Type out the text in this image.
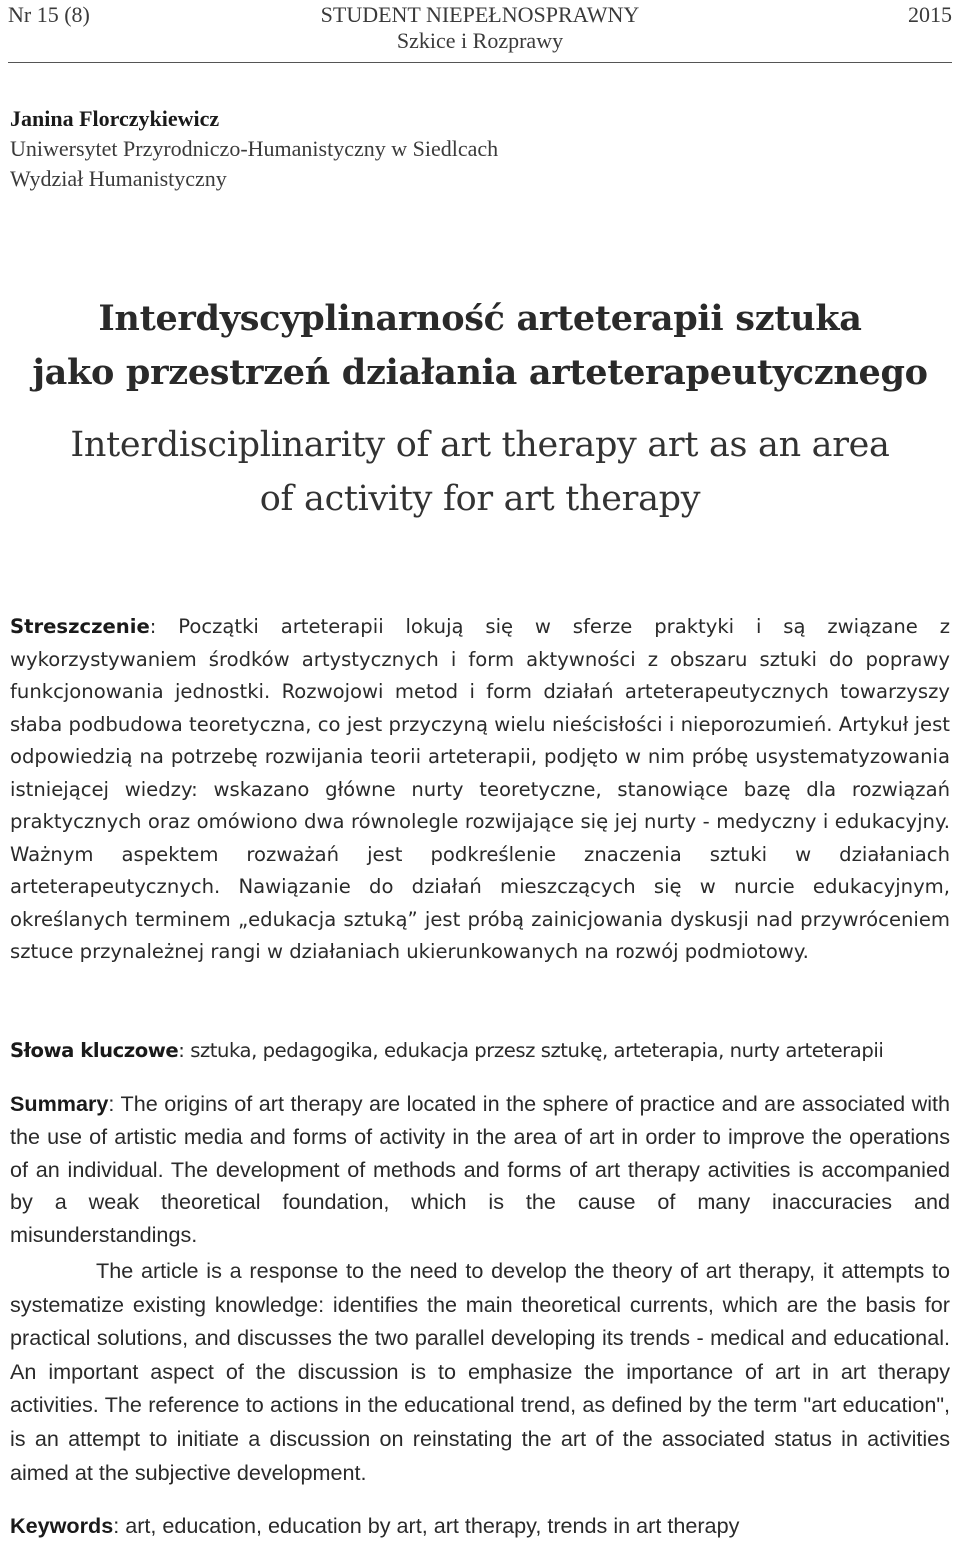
Nr 15 (8)	STUDENT NIEPEŁNOSPRAWNY
Szkice i Rozprawy
2015
Janina Florczykiewicz
Uniwersytet Przyrodniczo-Humanistyczny w Siedlcach
Wydział Humanistyczny
Interdyscyplinarność arteterapii sztuka
jako przestrzeń działania arteterapeutycznego
Interdisciplinarity of art therapy art as an area
of activity for art therapy

Streszczenie: Początki arteterapii lokują się w sferze praktyki i są związane z wykorzystywaniem środków artystycznych i form aktywności z obszaru sztuki do poprawy funkcjonowania jednostki. Rozwojowi metod i form działań arteterapeutycznych towarzyszy słaba podbudowa teoretyczna, co jest przyczyną wielu nieścisłości i nieporozumień. Artykuł jest odpowiedzią na potrzebę rozwijania teorii arteterapii, podjęto w nim próbę usystematyzowania istniejącej wiedzy: wskazano główne nurty teoretyczne, stanowiące bazę dla rozwiązań praktycznych oraz omówiono dwa równolegle rozwijające się jej nurty - medyczny i edukacyjny. Ważnym aspektem rozważań jest podkreślenie znaczenia sztuki w działaniach arteterapeutycznych. Nawiązanie do działań mieszczących się w nurcie edukacyjnym, określanych terminem „edukacja sztuką” jest próbą zainicjowania dyskusji nad przywróceniem sztuce przynależnej rangi w działaniach ukierunkowanych na rozwój podmiotowy.

Słowa kluczowe: sztuka, pedagogika, edukacja przesz sztukę, arteterapia, nurty arteterapii

Summary: The origins of art therapy are located in the sphere of practice and are associated with the use of artistic media and forms of activity in the area of art in order to improve the operations of an individual. The development of methods and forms of art therapy activities is accompanied by a weak theoretical foundation, which is the cause of many inaccuracies and misunderstandings.

The article is a response to the need to develop the theory of art therapy, it attempts to systematize existing knowledge: identifies the main theoretical currents, which are the basis for practical solutions, and discusses the two parallel developing its trends - medical and educational. An important aspect of the discussion is to emphasize the importance of art in art therapy activities. The reference to actions in the educational trend, as defined by the term "art education", is an attempt to initiate a discussion on reinstating the art of the associated status in activities aimed at the subjective development.

Keywords: art, education, education by art, art therapy, trends in art therapy
